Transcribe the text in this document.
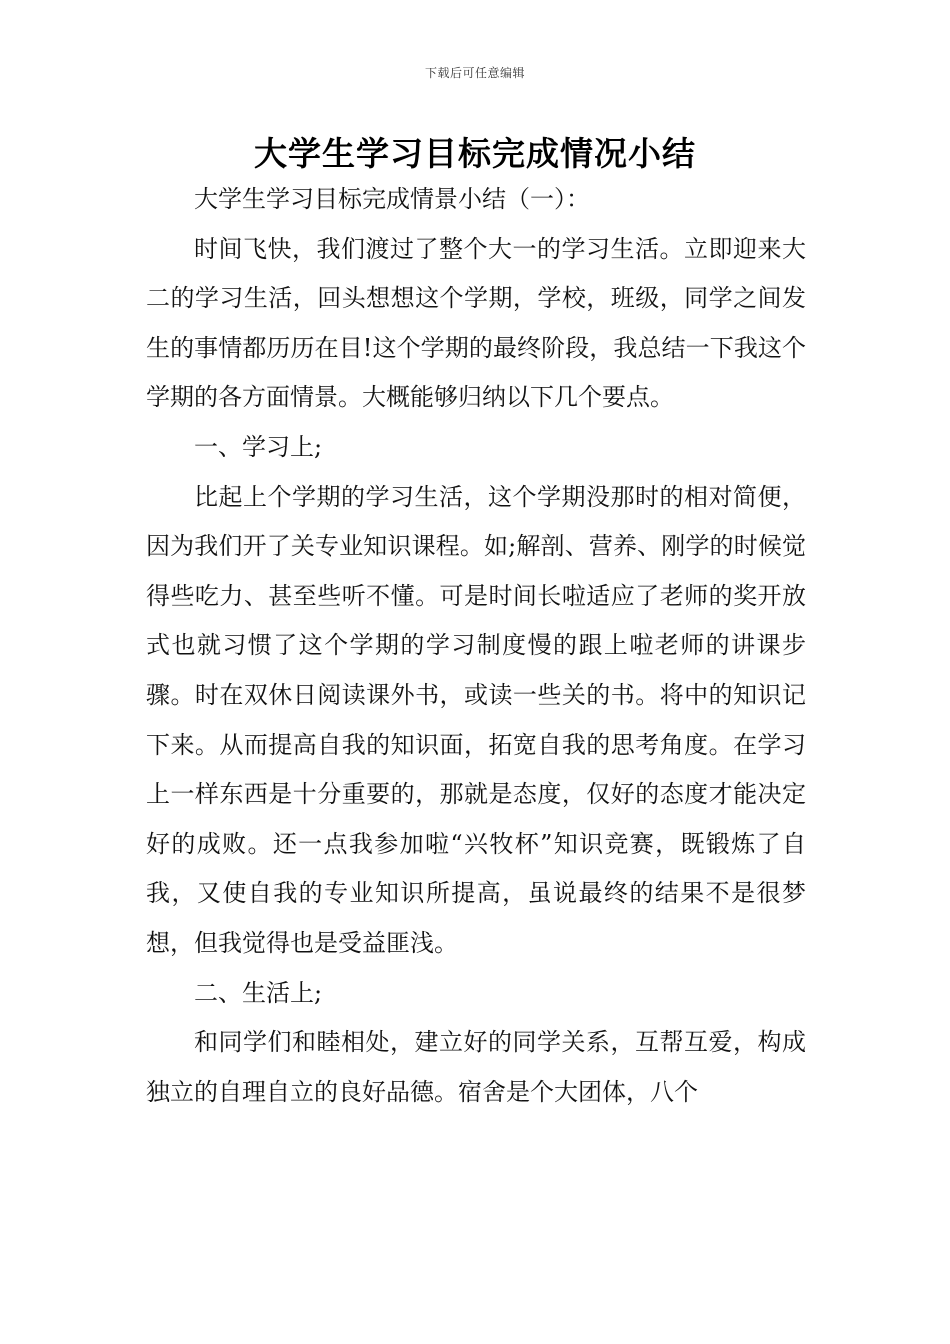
下载后可任意编辑
大学生学习目标完成情况小结

大学生学习目标完成情景小结（一）：

时间飞快，我们渡过了整个大一的学习生活。立即迎来大二的学习生活，回头想想这个学期，学校，班级，同学之间发生的事情都历历在目!这个学期的最终阶段，我总结一下我这个学期的各方面情景。大概能够归纳以下几个要点。

一、学习上;

比起上个学期的学习生活，这个学期没那时的相对简便，因为我们开了关专业知识课程。如;解剖、营养、刚学的时候觉得些吃力、甚至些听不懂。可是时间长啦适应了老师的奖开放式也就习惯了这个学期的学习制度慢的跟上啦老师的讲课步骤。时在双休日阅读课外书，或读一些关的书。将中的知识记下来。从而提高自我的知识面，拓宽自我的思考角度。在学习上一样东西是十分重要的，那就是态度，仅好的态度才能决定好的成败。还一点我参加啦“兴牧杯”知识竞赛，既锻炼了自我，又使自我的专业知识所提高，虽说最终的结果不是很梦想，但我觉得也是受益匪浅。

二、生活上;

和同学们和睦相处，建立好的同学关系，互帮互爱，构成独立的自理自立的良好品德。宿舍是个大团体，八个
